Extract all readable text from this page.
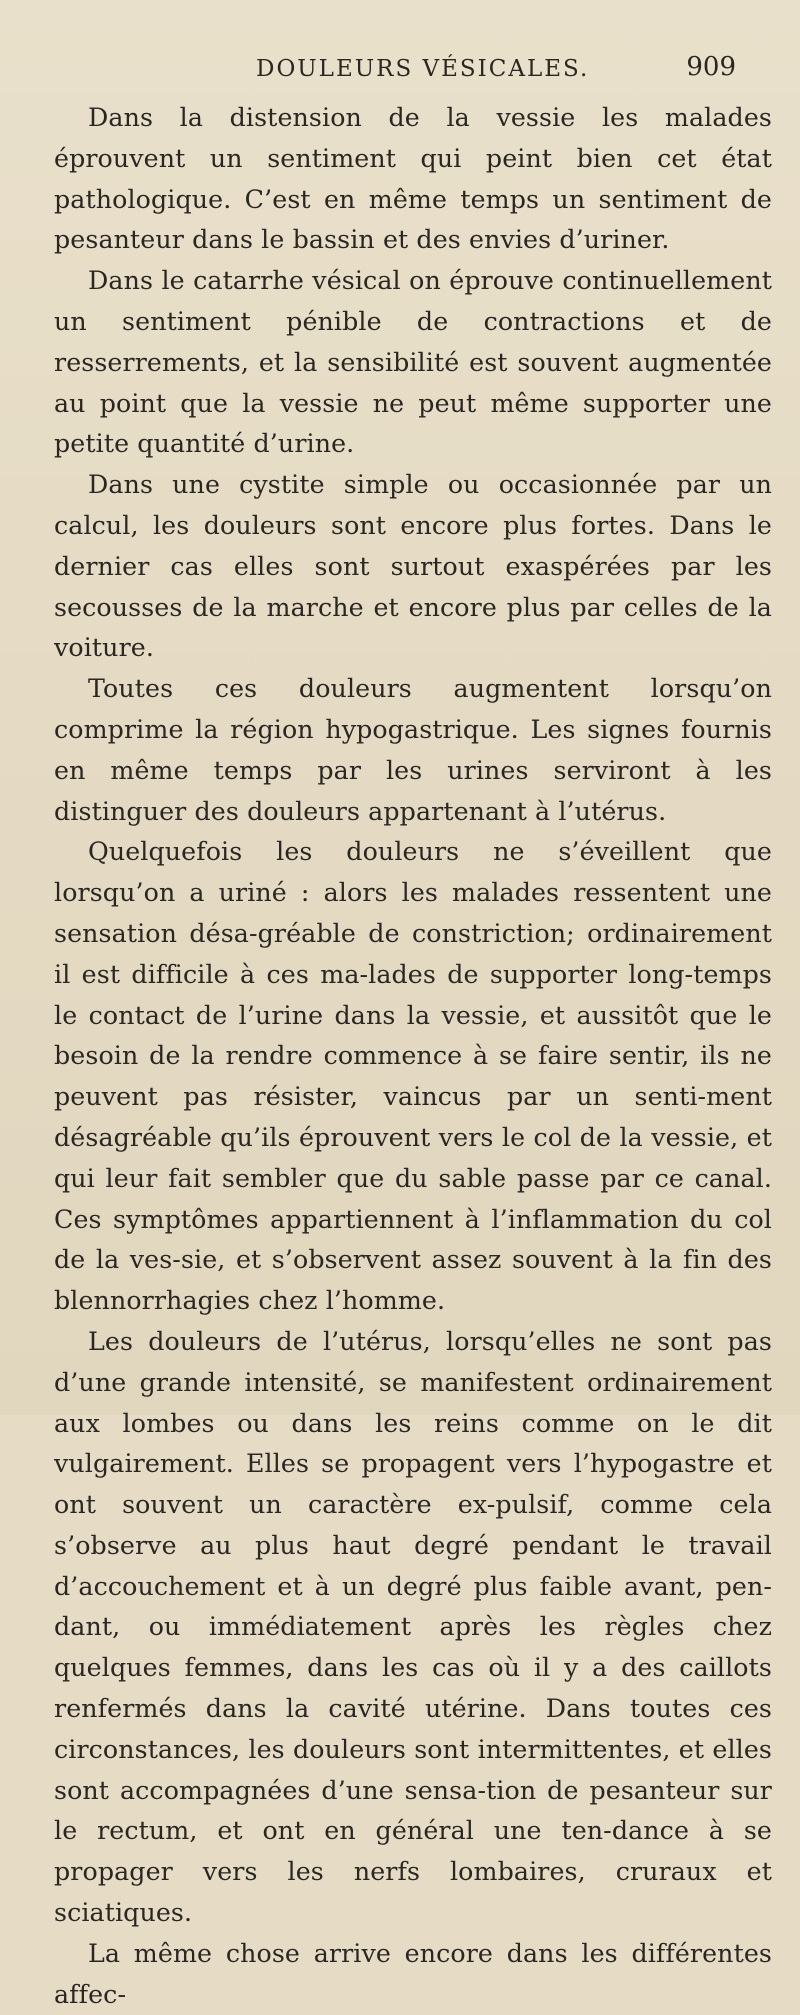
DOULEURS VÉSICALES.	909

Dans la distension de la vessie les malades éprouvent un sentiment qui peint bien cet état pathologique. C’est en même temps un sentiment de pesanteur dans le bassin et des envies d’uriner.

Dans le catarrhe vésical on éprouve continuellement un sentiment pénible de contractions et de resserrements, et la sensibilité est souvent augmentée au point que la vessie ne peut même supporter une petite quantité d’urine.

Dans une cystite simple ou occasionnée par un calcul, les douleurs sont encore plus fortes. Dans le dernier cas elles sont surtout exaspérées par les secousses de la marche et encore plus par celles de la voiture.

Toutes ces douleurs augmentent lorsqu’on comprime la région hypogastrique. Les signes fournis en même temps par les urines serviront à les distinguer des douleurs appartenant à l’utérus.

Quelquefois les douleurs ne s’éveillent que lorsqu’on a uriné : alors les malades ressentent une sensation désa-gréable de constriction; ordinairement il est difficile à ces ma-lades de supporter long-temps le contact de l’urine dans la vessie, et aussitôt que le besoin de la rendre commence à se faire sentir, ils ne peuvent pas résister, vaincus par un senti-ment désagréable qu’ils éprouvent vers le col de la vessie, et qui leur fait sembler que du sable passe par ce canal. Ces symptômes appartiennent à l’inflammation du col de la ves-sie, et s’observent assez souvent à la fin des blennorrhagies chez l’homme.

Les douleurs de l’utérus, lorsqu’elles ne sont pas d’une grande intensité, se manifestent ordinairement aux lombes ou dans les reins comme on le dit vulgairement. Elles se propagent vers l’hypogastre et ont souvent un caractère ex-pulsif, comme cela s’observe au plus haut degré pendant le travail d’accouchement et à un degré plus faible avant, pen-dant, ou immédiatement après les règles chez quelques femmes, dans les cas où il y a des caillots renfermés dans la cavité utérine. Dans toutes ces circonstances, les douleurs sont intermittentes, et elles sont accompagnées d’une sensa-tion de pesanteur sur le rectum, et ont en général une ten-dance à se propager vers les nerfs lombaires, cruraux et sciatiques.

La même chose arrive encore dans les différentes affec-
